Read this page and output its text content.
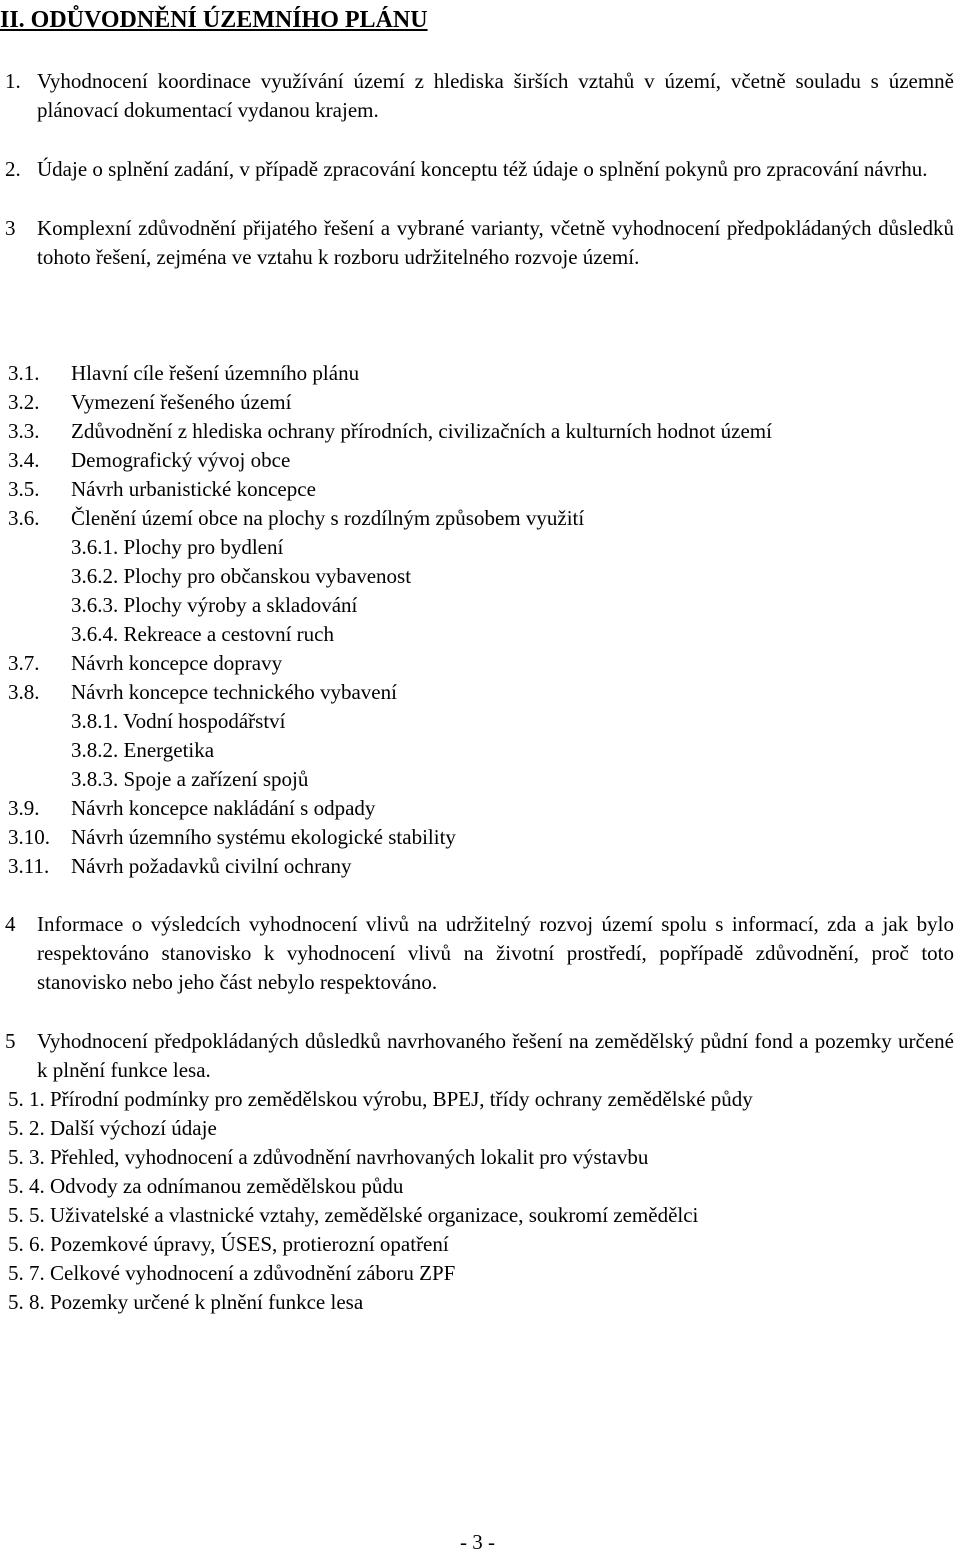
II. ODŮVODNĚNÍ ÚZEMNÍHO PLÁNU
1. Vyhodnocení koordinace využívání území z hlediska širších vztahů v území, včetně souladu s územně plánovací dokumentací vydanou krajem.
2. Údaje o splnění zadání, v případě zpracování konceptu též údaje o splnění pokynů pro zpracování návrhu.
3 Komplexní zdůvodnění přijatého řešení a vybrané varianty, včetně vyhodnocení předpokládaných důsledků tohoto řešení, zejména ve vztahu k rozboru udržitelného rozvoje území.
3.1. Hlavní cíle řešení územního plánu
3.2. Vymezení řešeného území
3.3. Zdůvodnění z hlediska ochrany přírodních, civilizačních a kulturních hodnot území
3.4. Demografický vývoj obce
3.5. Návrh urbanistické koncepce
3.6. Členění území obce na plochy s rozdílným způsobem využití
3.6.1. Plochy pro bydlení
3.6.2. Plochy pro občanskou vybavenost
3.6.3. Plochy výroby a skladování
3.6.4. Rekreace a cestovní ruch
3.7. Návrh koncepce dopravy
3.8. Návrh koncepce technického vybavení
3.8.1. Vodní hospodářství
3.8.2. Energetika
3.8.3. Spoje a zařízení spojů
3.9. Návrh koncepce nakládání s odpady
3.10. Návrh územního systému ekologické stability
3.11. Návrh požadavků civilní ochrany
4 Informace o výsledcích vyhodnocení vlivů na udržitelný rozvoj území spolu s informací, zda a jak bylo respektováno stanovisko k vyhodnocení vlivů na životní prostředí, popřípadě zdůvodnění, proč toto stanovisko nebo jeho část nebylo respektováno.
5 Vyhodnocení předpokládaných důsledků navrhovaného řešení na zemědělský půdní fond a pozemky určené k plnění funkce lesa.
5. 1. Přírodní podmínky pro zemědělskou výrobu, BPEJ, třídy ochrany zemědělské půdy
5. 2. Další výchozí údaje
5. 3. Přehled, vyhodnocení a zdůvodnění navrhovaných lokalit pro výstavbu
5. 4. Odvody za odnímanou zemědělskou půdu
5. 5. Uživatelské a vlastnické vztahy, zemědělské organizace, soukromí zemědělci
5. 6. Pozemkové úpravy, ÚSES, protierozní opatření
5. 7. Celkové vyhodnocení a zdůvodnění záboru ZPF
5. 8. Pozemky určené k plnění funkce lesa
- 3 -
